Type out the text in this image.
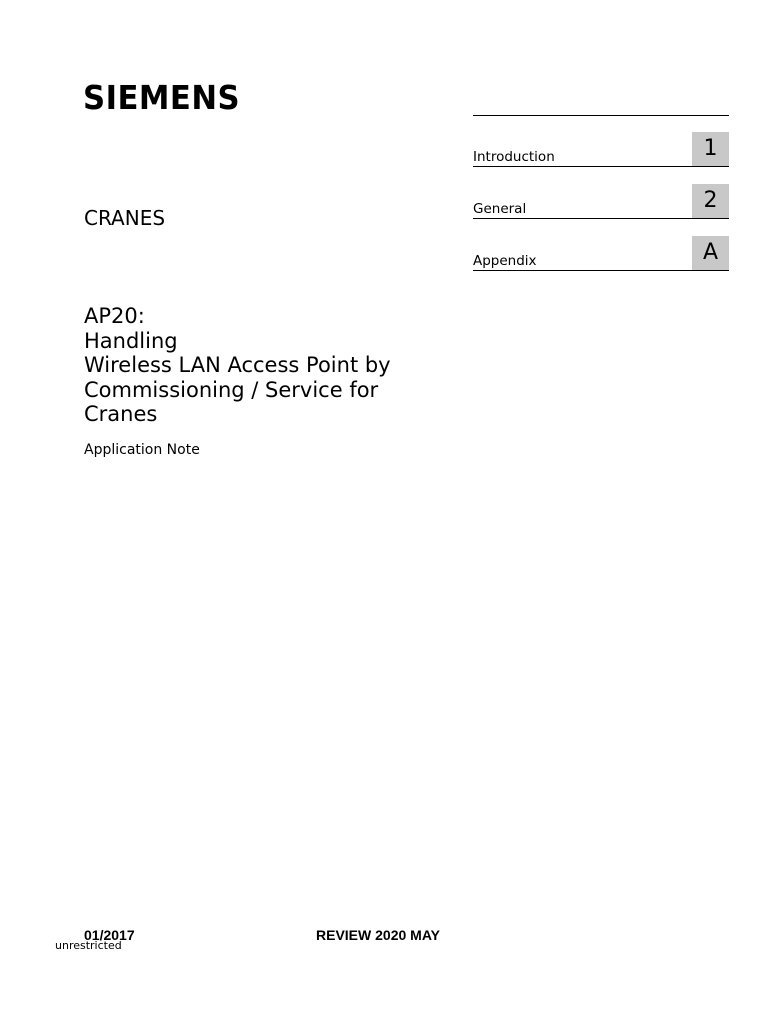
SIEMENS
CRANES
AP20:
Handling
Wireless LAN Access Point by
Commissioning / Service for
Cranes
Application Note
Introduction	1
General	2
Appendix	A
01/2017
unrestricted
REVIEW 2020 MAY
